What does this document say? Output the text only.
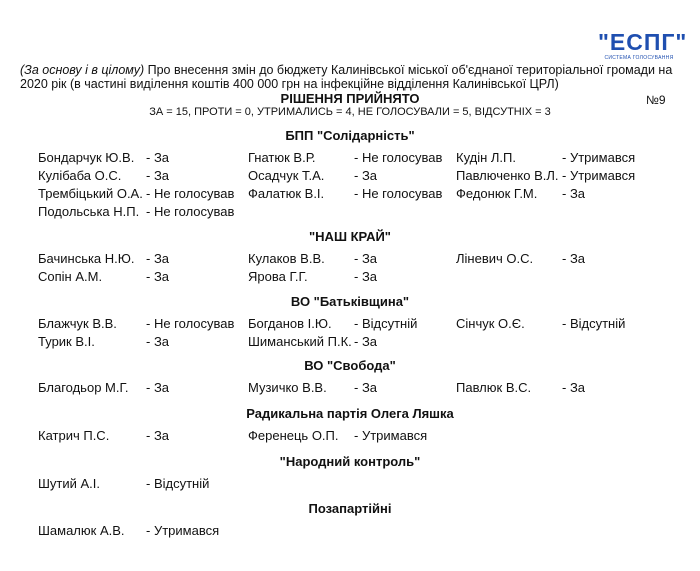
"ЕСПГ"
СИСТЕМА ГОЛОСУВАННЯ
(За основу і в цілому) Про внесення змін до бюджету Калинівської міської об'єднаної територіальної громади на 2020 рік (в частині виділення коштів 400 000 грн на інфекційне відділення Калинівської ЦРЛ)
РІШЕННЯ ПРИЙНЯТО	№9
ЗА = 15, ПРОТИ = 0, УТРИМАЛИСЬ = 4, НЕ ГОЛОСУВАЛИ = 5, ВІДСУТНІХ = 3
БПП "Солідарність"
Бондарчук Ю.В. - За	Гнатюк В.Р.	- Не голосував Кудін Л.П.	- Утримався
Кулібаба О.С. - За	Осадчук Т.А. - За	Павлюченко В.Л. - Утримався
Трембіцький О.А. - Не голосував Фалатюк В.І. - Не голосував Федонюк Г.М. - За
Подольська Н.П. - Не голосував
"НАШ КРАЙ"
Бачинська Н.Ю. - За	Кулаков В.В. - За	Ліневич О.С. - За
Сопін А.М.	- За	Ярова Г.Г.	- За
ВО "Батьківщина"
Блажчук В.В. - Не голосував Богданов І.Ю. - Відсутній	Сінчук О.Є.	- Відсутній
Турик В.І.	- За	Шиманський П.К. - За
ВО "Свобода"
Благодьор М.Г. - За	Музичко В.В. - За	Павлюк В.С. - За
Радикальна партія Олега Ляшка
Катрич П.С.	- За	Ференець О.П. - Утримався
"Народний контроль"
Шутий А.І.	- Відсутній
Позапартійні
Шамалюк А.В. - Утримався
